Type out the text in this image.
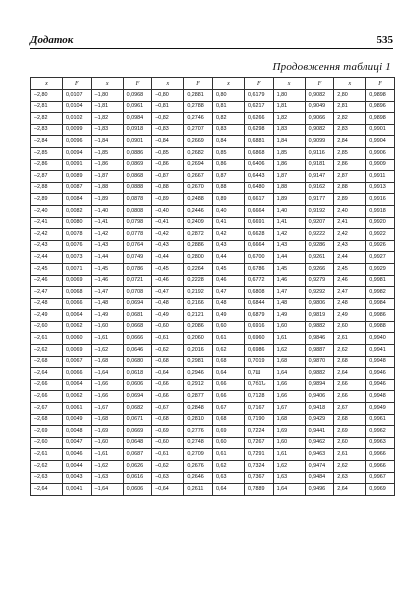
Додаток	535
Продовження таблиці 1
x	F	x	F	x	F	x	F	x	F	x	F
–2,80	0,0107	–1,80	0,0968	–0,80	0,2881	0,80	0,6179	1,80	0,9082	2,80	0,9898
–2,81	0,0104	–1,81	0,0961	–0,81	0,2788	0,81	0,6217	1,81	0,9049	2,81	0,9896
–2,82	0,0102	–1,82	0,0984	–0,82	0,2746	0,82	0,6266	1,82	0,9066	2,82	0,9898
–2,83	0,0099	–1,83	0,0918	–0,83	0,2707	0,83	0,6298	1,83	0,9082	2,83	0,9901
–2,84	0,0096	–1,84	0,0901	–0,84	0,2669	0,84	0,6881	1,84	0,9099	2,84	0,9904
–2,85	0,0094	–1,85	0,0886	–0,85	0,2682	0,85	0,6868	1,85	0,9116	2,85	0,9906
–2,86	0,0091	–1,86	0,0869	–0,86	0,2694	0,86	0,6406	1,86	0,9181	2,86	0,9909
–2,87	0,0089	–1,87	0,0868	–0,87	0,2667	0,87	0,6443	1,87	0,9147	2,87	0,9911
–2,88	0,0087	–1,88	0,0888	–0,88	0,2670	0,88	0,6480	1,88	0,9162	2,88	0,9913
–2,89	0,0084	–1,89	0,0878	–0,89	0,2488	0,89	0,6617	1,89	0,9177	2,89	0,9916
–2,40	0,0082	–1,40	0,0808	–0,40	0,2446	0,40	0,6664	1,40	0,9192	2,40	0,9918
–2,41	0,0080	–1,41	0,0798	–0,41	0,2409	0,41	0,6691	1,41	0,9207	2,41	0,9920
–2,42	0,0078	–1,42	0,0778	–0,42	0,2872	0,42	0,6628	1,42	0,9222	2,42	0,9922
–2,43	0,0076	–1,43	0,0764	–0,43	0,2886	0,43	0,6664	1,43	0,9286	2,43	0,9926
–2,44	0,0073	–1,44	0,0749	–0,44	0,2800	0,44	0,6700	1,44	0,9261	2,44	0,9927
–2,45	0,0071	–1,45	0,0786	–0,45	0,2264	0,45	0,6786	1,45	0,9266	2,45	0,9929
–2,46	0,0069	–1,46	0,0721	–0,46	0,2228	0,46	0,6772	1,46	0,9279	2,46	0,9981
–2,47	0,0068	–1,47	0,0708	–0,47	0,2192	0,47	0,6808	1,47	0,9292	2,47	0,9982
–2,48	0,0066	–1,48	0,0694	–0,48	0,2166	0,48	0,6844	1,48	0,9806	2,48	0,9984
–2,49	0,0064	–1,49	0,0681	–0,49	0,2121	0,49	0,6879	1,49	0,9819	2,49	0,9986
–2,60	0,0062	–1,60	0,0668	–0,60	0,2086	0,60	0,6916	1,60	0,9882	2,60	0,9988
–2,61	0,0060	–1,61	0,0666	–0,61	0,2060	0,61	0,6960	1,61	0,9846	2,61	0,9940
–2,62	0,0069	–1,62	0,0646	–0,62	0,2016	0,62	0,6986	1,62	0,9887	2,62	0,9941
–2,68	0,0067	–1,68	0,0680	–0,68	0,2981	0,68	0,7019	1,68	0,9870	2,68	0,9948
–2,64	0,0066	–1,64	0,0618	–0,64	0,2946	0,64	0,7Ш	1,64	0,9882	2,64	0,9946
–2,66	0,0064	–1,66	0,0606	–0,66	0,2912	0,66	0,7б1Ն	1,66	0,9894	2,66	0,9946
–2,66	0,0062	–1,66	0,0694	–0,66	0,2877	0,66	0,7128	1,66	0,9406	2,66	0,9948
–2,67	0,0061	–1,67	0,0682	–0,67	0,2848	0,67	0,7167	1,67	0,9418	2,67	0,9949
–2,68	0,0049	–1,68	0,0671	–0,68	0,2810	0,68	0,7190	1,68	0,9429	2,68	0,9961
–2,69	0,0048	–1,69	0,0669	–0,69	0,2776	0,69	0,7224	1,69	0,9441	2,69	0,9962
–2,60	0,0047	–1,60	0,0648	–0,60	0,2748	0,60	0,7267	1,60	0,9462	2,60	0,9963
–2,61	0,0046	–1,61	0,0687	–0,61	0,2709	0,61	0,7291	1,61	0,9463	2,61	0,9966
–2,62	0,0044	–1,62	0,0626	–0,62	0,2676	0,62	0,7324	1,62	0,9474	2,62	0,9966
–2,63	0,0043	–1,63	0,0616	–0,63	0,2646	0,63	0,7367	1,63	0,9484	2,63	0,9967
–2,64	0,0041	–1,64	0,0606	–0,64	0,2611	0,64	0,7889	1,64	0,9496	2,64	0,9969
